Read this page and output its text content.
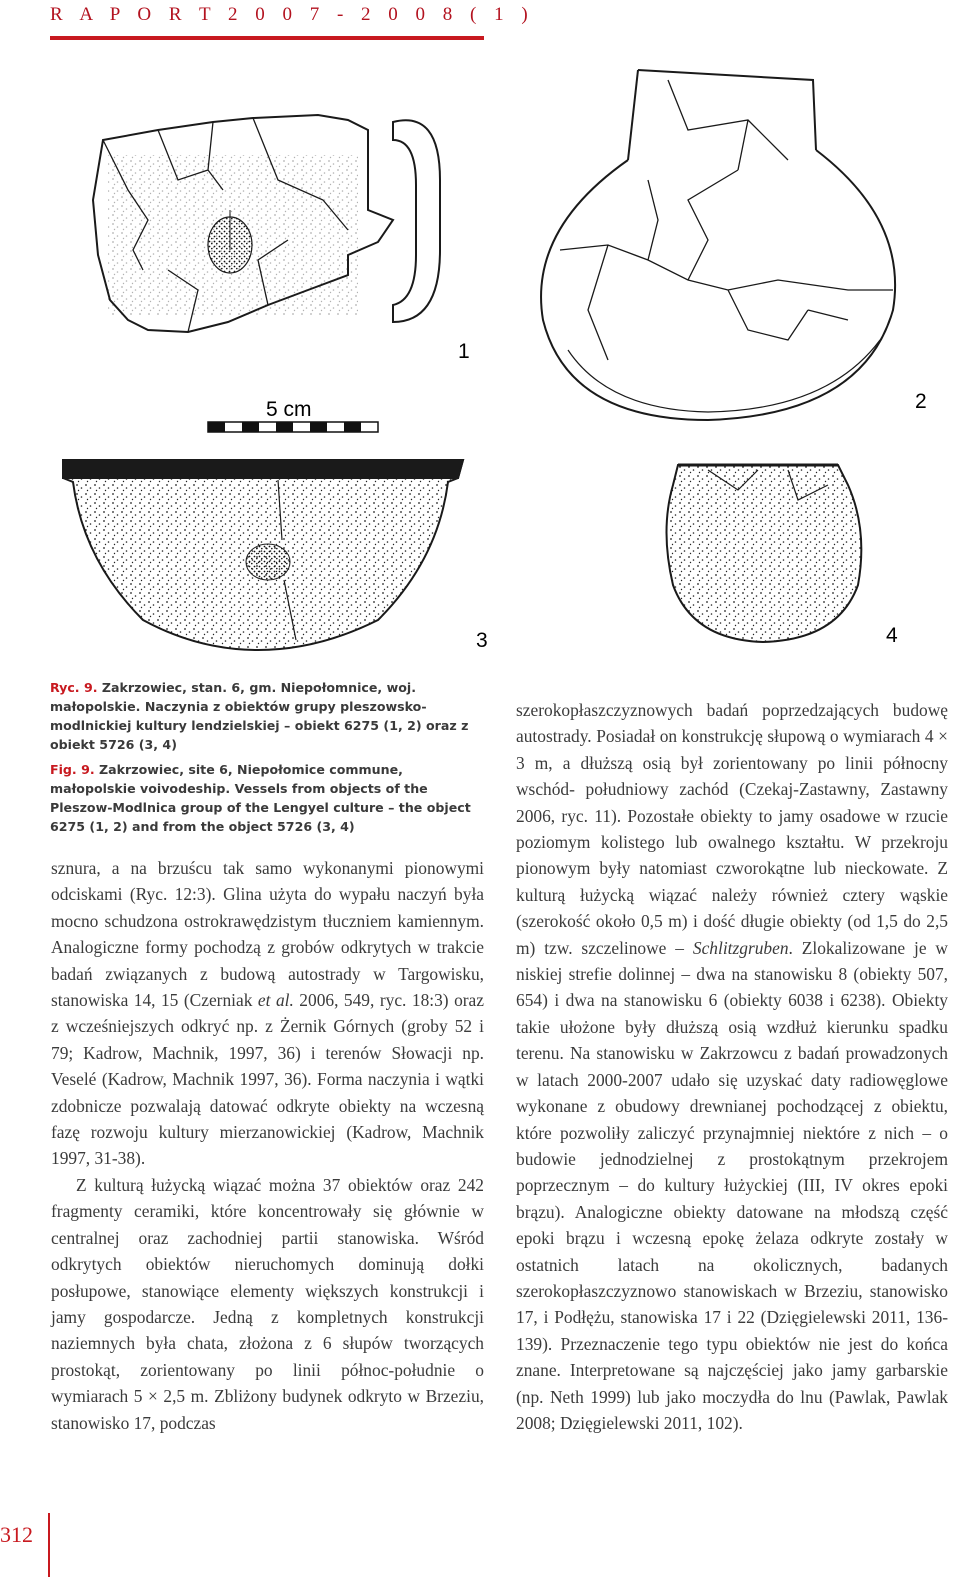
R A P O R T 2 0 0 7 - 2 0 0 8 ( 1 )
1
5 cm	2
3	4
Ryc. 9. Zakrzowiec, stan. 6, gm. Niepołomnice, woj. małopolskie. Naczynia z obiektów grupy pleszowsko-modlnickiej kultury lendzielskiej – obiekt 6275 (1, 2) oraz z obiekt 5726 (3, 4)
Fig. 9. Zakrzowiec, site 6, Niepołomice commune, małopolskie voivodeship. Vessels from objects of the Pleszow-Modlnica group of the Lengyel culture – the object 6275 (1, 2) and from the object 5726 (3, 4)

sznura, a na brzuścu tak samo wykonanymi pionowymi odciskami (Ryc. 12:3). Glina użyta do wypału naczyń była mocno schudzona ostrokrawędzistym tłuczniem kamiennym. Analogiczne formy pochodzą z grobów odkrytych w trakcie badań związanych z budową autostrady w Targowisku, stanowiska 14, 15 (Czerniak et al. 2006, 549, ryc. 18:3) oraz z wcześniejszych odkryć np. z Żernik Górnych (groby 52 i 79; Kadrow, Machnik, 1997, 36) i terenów Słowacji np. Veselé (Kadrow, Machnik 1997, 36). Forma naczynia i wątki zdobnicze pozwalają datować odkryte obiekty na wczesną fazę rozwoju kultury mierzanowickiej (Kadrow, Machnik 1997, 31-38).

Z kulturą łużycką wiązać można 37 obiektów oraz 242 fragmenty ceramiki, które koncentrowały się głównie w centralnej oraz zachodniej partii stanowiska. Wśród odkrytych obiektów nieruchomych dominują dołki posłupowe, stanowiące elementy większych konstrukcji i jamy gospodarcze. Jedną z kompletnych konstrukcji naziemnych była chata, złożona z 6 słupów tworzących prostokąt, zorientowany po linii północ-południe o wymiarach 5 × 2,5 m. Zbliżony budynek odkryto w Brzeziu, stanowisko 17, podczas

szerokopłaszczyznowych badań poprzedzających budowę autostrady. Posiadał on konstrukcję słupową o wymiarach 4 × 3 m, a dłuższą osią był zorientowany po linii północny wschód- południowy zachód (Czekaj-Zastawny, Zastawny 2006, ryc. 11). Pozostałe obiekty to jamy osadowe w rzucie poziomym kolistego lub owalnego kształtu. W przekroju pionowym były natomiast czworokątne lub nieckowate. Z kulturą łużycką wiązać należy również cztery wąskie (szerokość około 0,5 m) i dość długie obiekty (od 1,5 do 2,5 m) tzw. szczelinowe – Schlitzgruben. Zlokalizowane je w niskiej strefie dolinnej – dwa na stanowisku 8 (obiekty 507, 654) i dwa na stanowisku 6 (obiekty 6038 i 6238). Obiekty takie ułożone były dłuższą osią wzdłuż kierunku spadku terenu. Na stanowisku w Zakrzowcu z badań prowadzonych w latach 2000-2007 udało się uzyskać daty radiowęglowe wykonane z obudowy drewnianej pochodzącej z obiektu, które pozwoliły zaliczyć przynajmniej niektóre z nich – o budowie jednodzielnej z prostokątnym przekrojem poprzecznym – do kultury łużyckiej (III, IV okres epoki brązu). Analogiczne obiekty datowane na młodszą część epoki brązu i wczesną epokę żelaza odkryte zostały w ostatnich latach na okolicznych, badanych szerokopłaszczyznowo stanowiskach w Brzeziu, stanowisko 17, i Podłężu, stanowiska 17 i 22 (Dzięgielewski 2011, 136-139). Przeznaczenie tego typu obiektów nie jest do końca znane. Interpretowane są najczęściej jako jamy garbarskie (np. Neth 1999) lub jako moczydła do lnu (Pawlak, Pawlak 2008; Dzięgielewski 2011, 102).

312
